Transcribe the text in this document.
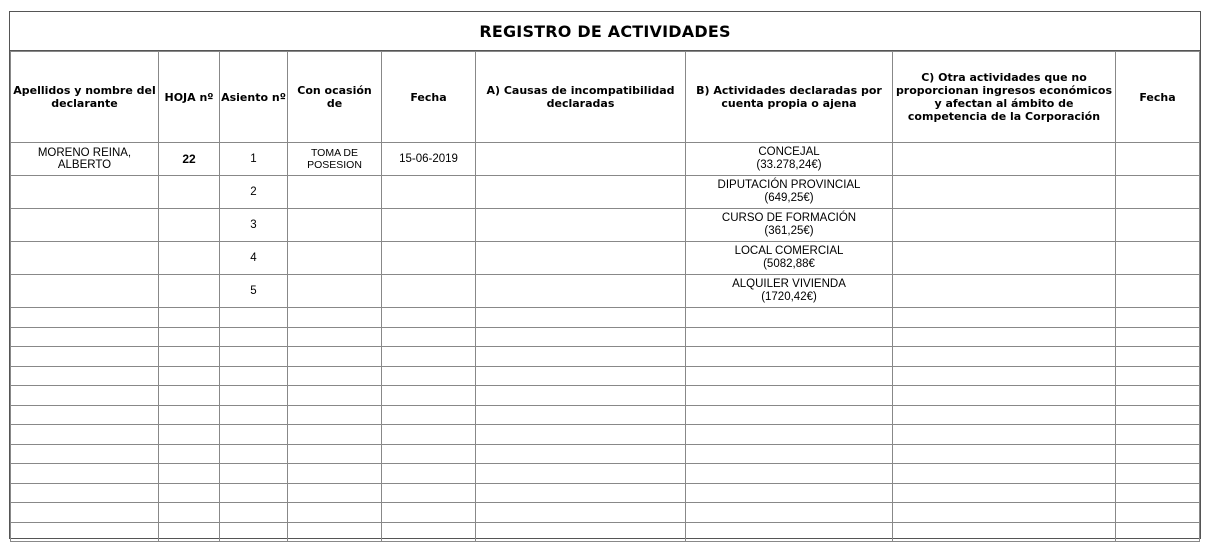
REGISTRO DE ACTIVIDADES
Apellidos y nombre del declarante	HOJA nº	Asiento nº	Con ocasión de	Fecha	A) Causas de incompatibilidad declaradas	B) Actividades declaradas por cuenta propia o ajena	C) Otra actividades que no proporcionan ingresos económicos y afectan al ámbito de competencia de la Corporación	Fecha
MORENO REINA, ALBERTO	22	1	TOMA DE POSESION	15-06-2019		CONCEJAL
(33.278,24€)		

		2				DIPUTACIÓN PROVINCIAL
(649,25€)		

		3				CURSO DE FORMACIÓN
(361,25€)		

		4				LOCAL COMERCIAL
(5082,88€		

		5				ALQUILER VIVIENDA
(1720,42€)		
